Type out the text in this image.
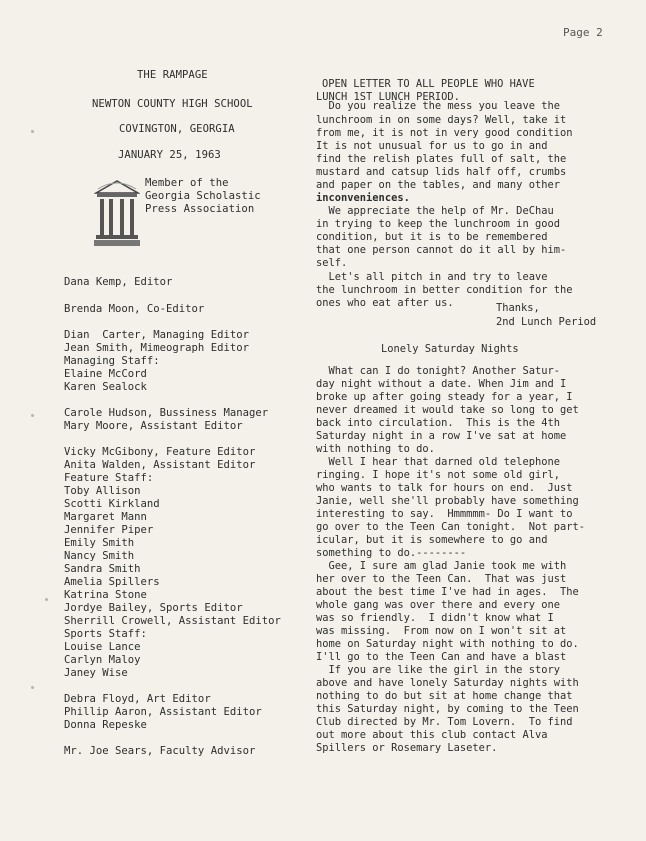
Page 2
THE RAMPAGE
NEWTON COUNTY HIGH SCHOOL
COVINGTON, GEORGIA
JANUARY 25, 1963
Member of the
Georgia Scholastic
Press Association
Dana Kemp, Editor
Brenda Moon, Co-Editor
Dian  Carter, Managing Editor
Jean Smith, Mimeograph Editor
Managing Staff:
Elaine McCord
Karen Sealock
Carole Hudson, Bussiness Manager
Mary Moore, Assistant Editor
Vicky McGibony, Feature Editor
Anita Walden, Assistant Editor
Feature Staff:
Toby Allison
Scotti Kirkland
Margaret Mann
Jennifer Piper
Emily Smith
Nancy Smith
Sandra Smith
Amelia Spillers
Katrina Stone
Jordye Bailey, Sports Editor
Sherrill Crowell, Assistant Editor
Sports Staff:
Louise Lance
Carlyn Maloy
Janey Wise
Debra Floyd, Art Editor
Phillip Aaron, Assistant Editor
Donna Repeske
Mr. Joe Sears, Faculty Advisor
OPEN LETTER TO ALL PEOPLE WHO HAVE
LUNCH 1ST LUNCH PERIOD.
Do you realize the mess you leave the
lunchroom in on some days? Well, take it
from me, it is not in very good condition
It is not unusual for us to go in and
find the relish plates full of salt, the
mustard and catsup lids half off, crumbs
and paper on the tables, and many other
inconveniences.
We appreciate the help of Mr. DeChau
in trying to keep the lunchroom in good
condition, but it is to be remembered
that one person cannot do it all by him-
self.
Let's all pitch in and try to leave
the lunchroom in better condition for the
ones who eat after us.	Thanks,
2nd Lunch Period
Lonely Saturday Nights
What can I do tonight? Another Satur-
day night without a date. When Jim and I
broke up after going steady for a year, I
never dreamed it would take so long to get
back into circulation.  This is the 4th
Saturday night in a row I've sat at home
with nothing to do.
Well I hear that darned old telephone
ringing. I hope it's not some old girl,
who wants to talk for hours on end.  Just
Janie, well she'll probably have something
interesting to say.  Hmmmmm- Do I want to
go over to the Teen Can tonight.  Not part-
icular, but it is somewhere to go and
something to do.--------
Gee, I sure am glad Janie took me with
her over to the Teen Can.  That was just
about the best time I've had in ages.  The
whole gang was over there and every one
was so friendly.  I didn't know what I
was missing.  From now on I won't sit at
home on Saturday night with nothing to do.
I'll go to the Teen Can and have a blast
If you are like the girl in the story
above and have lonely Saturday nights with
nothing to do but sit at home change that
this Saturday night, by coming to the Teen
Club directed by Mr. Tom Lovern.  To find
out more about this club contact Alva
Spillers or Rosemary Laseter.
